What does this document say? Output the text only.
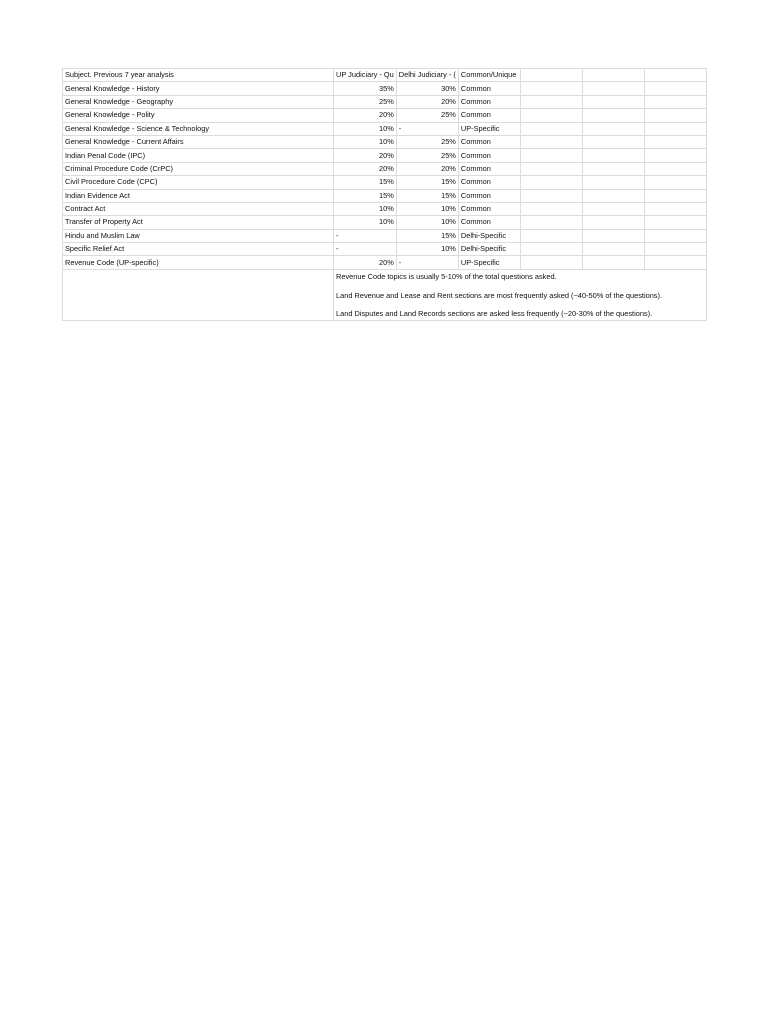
Subject. Previous 7 year analysis	UP Judiciary - Qu	Delhi Judiciary - (	Common/Unique			
General Knowledge - History	35%	30%	Common			
General Knowledge - Geography	25%	20%	Common			
General Knowledge - Polity	20%	25%	Common			
General Knowledge - Science & Technology	10%	-	UP-Specific			
General Knowledge - Current Affairs	10%	25%	Common			
Indian Penal Code (IPC)	20%	25%	Common			
Criminal Procedure Code (CrPC)	20%	20%	Common			
Civil Procedure Code (CPC)	15%	15%	Common			
Indian Evidence Act	15%	15%	Common			
Contract Act	10%	10%	Common			
Transfer of Property Act	10%	10%	Common			
Hindu and Muslim Law	-	15%	Delhi-Specific			
Specific Relief Act	-	10%	Delhi-Specific			
Revenue Code (UP-specific)	20%	-	UP-Specific			

	Revenue Code topics is usually 5-10% of the total questions asked.
Land Revenue and Lease and Rent sections are most frequently asked (~40-50% of the questions).
Land Disputes and Land Records sections are asked less frequently (~20-30% of the questions).					
